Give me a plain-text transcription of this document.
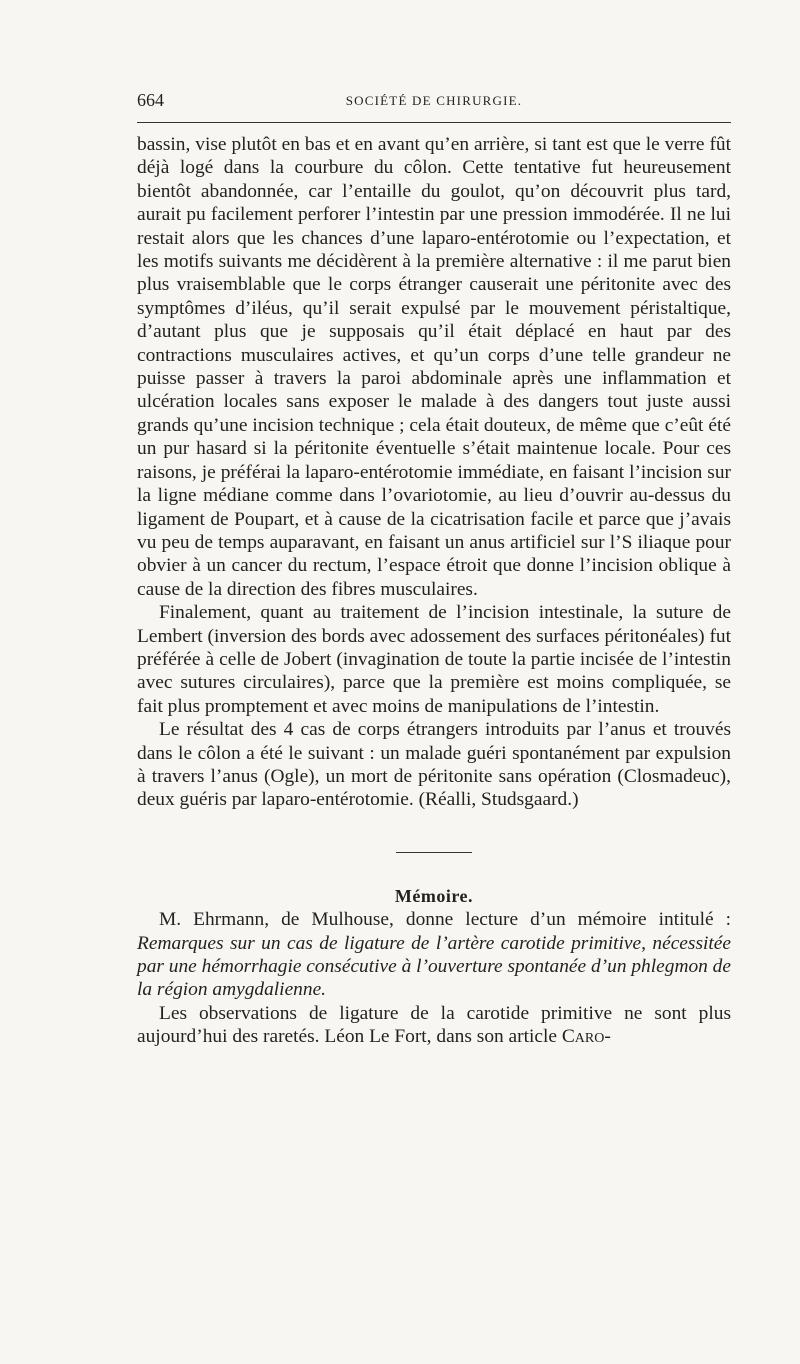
664	SOCIÉTÉ DE CHIRURGIE.

bassin, vise plutôt en bas et en avant qu’en arrière, si tant est que le verre fût déjà logé dans la courbure du côlon. Cette tentative fut heureusement bientôt abandonnée, car l’entaille du goulot, qu’on découvrit plus tard, aurait pu facilement perforer l’intestin par une pression immodérée. Il ne lui restait alors que les chances d’une laparo-entérotomie ou l’expectation, et les motifs suivants me décidèrent à la première alternative : il me parut bien plus vraisemblable que le corps étranger causerait une péritonite avec des symptômes d’iléus, qu’il serait expulsé par le mouvement péristaltique, d’autant plus que je supposais qu’il était déplacé en haut par des contractions musculaires actives, et qu’un corps d’une telle grandeur ne puisse passer à travers la paroi abdominale après une inflammation et ulcération locales sans exposer le malade à des dangers tout juste aussi grands qu’une incision technique ; cela était douteux, de même que c’eût été un pur hasard si la péritonite éventuelle s’était maintenue locale. Pour ces raisons, je préférai la laparo-entérotomie immédiate, en faisant l’incision sur la ligne médiane comme dans l’ovariotomie, au lieu d’ouvrir au-dessus du ligament de Poupart, et à cause de la cicatrisation facile et parce que j’avais vu peu de temps auparavant, en faisant un anus artificiel sur l’S iliaque pour obvier à un cancer du rectum, l’espace étroit que donne l’incision oblique à cause de la direction des fibres musculaires.

Finalement, quant au traitement de l’incision intestinale, la suture de Lembert (inversion des bords avec adossement des surfaces péritonéales) fut préférée à celle de Jobert (invagination de toute la partie incisée de l’intestin avec sutures circulaires), parce que la première est moins compliquée, se fait plus promptement et avec moins de manipulations de l’intestin.

Le résultat des 4 cas de corps étrangers introduits par l’anus et trouvés dans le côlon a été le suivant : un malade guéri spontanément par expulsion à travers l’anus (Ogle), un mort de péritonite sans opération (Closmadeuc), deux guéris par laparo-entérotomie. (Réalli, Studsgaard.)

Mémoire.

M. Ehrmann, de Mulhouse, donne lecture d’un mémoire intitulé : Remarques sur un cas de ligature de l’artère carotide primitive, nécessitée par une hémorrhagie consécutive à l’ouverture spontanée d’un phlegmon de la région amygdalienne.

Les observations de ligature de la carotide primitive ne sont plus aujourd’hui des raretés. Léon Le Fort, dans son article Caro-
